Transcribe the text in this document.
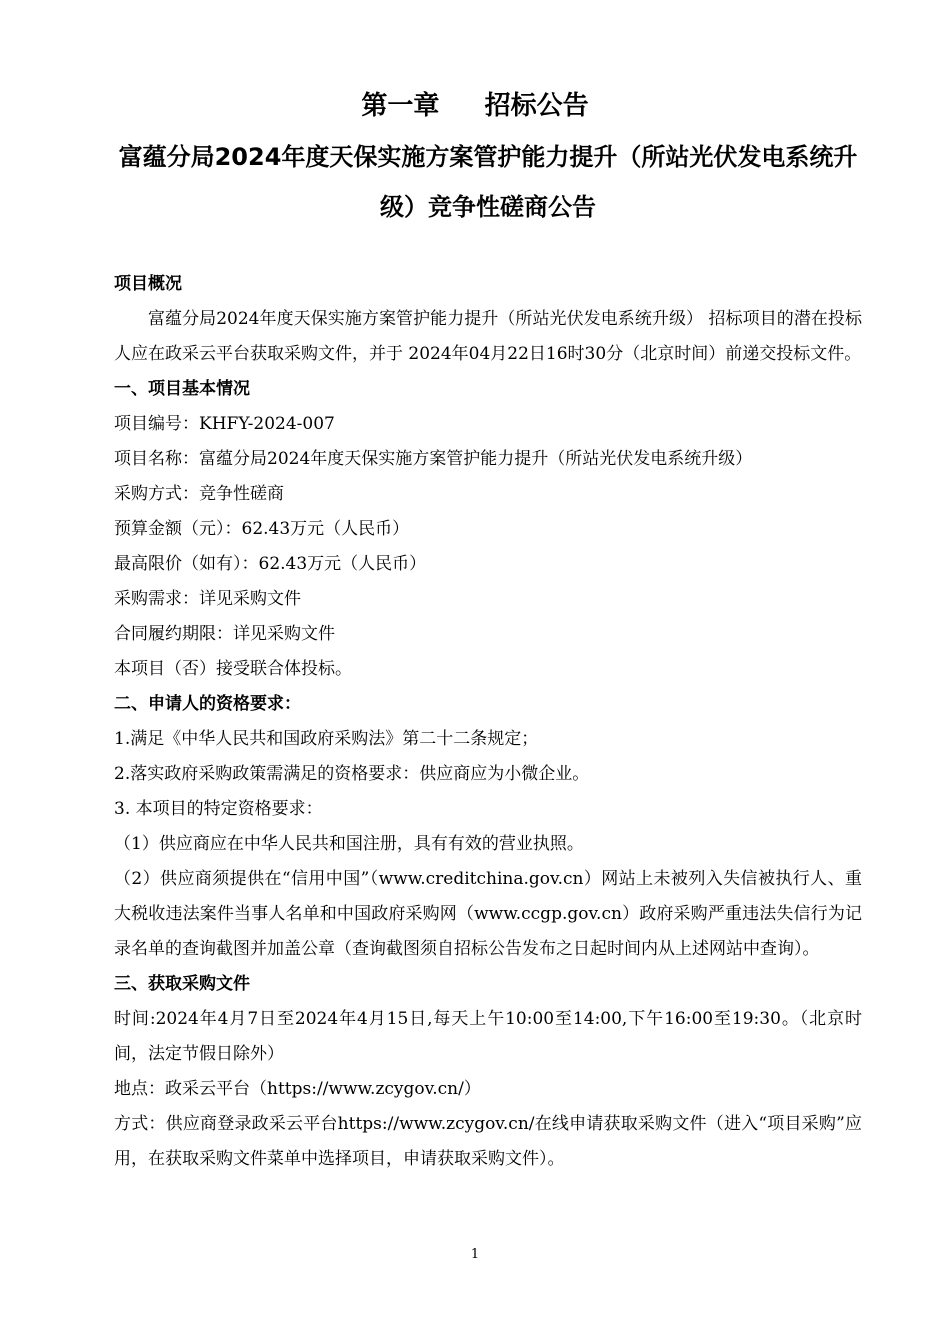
第一章     招标公告
富蕴分局2024年度天保实施方案管护能力提升（所站光伏发电系统升级）竞争性磋商公告

项目概况

富蕴分局2024年度天保实施方案管护能力提升（所站光伏发电系统升级） 招标项目的潜在投标人应在政采云平台获取采购文件，并于 2024年04月22日16时30分（北京时间）前递交投标文件。

一、项目基本情况

项目编号：KHFY-2024-007

项目名称：富蕴分局2024年度天保实施方案管护能力提升（所站光伏发电系统升级）

采购方式：竞争性磋商

预算金额（元）：62.43万元（人民币）

最高限价（如有）：62.43万元（人民币）

采购需求：详见采购文件

合同履约期限：详见采购文件

本项目（否）接受联合体投标。

二、申请人的资格要求：

1.满足《中华人民共和国政府采购法》第二十二条规定；

2.落实政府采购政策需满足的资格要求：供应商应为小微企业。

3. 本项目的特定资格要求：

（1）供应商应在中华人民共和国注册，具有有效的营业执照。

（2）供应商须提供在“信用中国”（www.creditchina.gov.cn）网站上未被列入失信被执行人、重大税收违法案件当事人名单和中国政府采购网（www.ccgp.gov.cn）政府采购严重违法失信行为记录名单的查询截图并加盖公章（查询截图须自招标公告发布之日起时间内从上述网站中查询）。

三、获取采购文件

时间:2024年4月7日至2024年4月15日,每天上午10:00至14:00,下午16:00至19:30。（北京时间，法定节假日除外）

地点：政采云平台（https://www.zcygov.cn/）

方式：供应商登录政采云平台https://www.zcygov.cn/在线申请获取采购文件（进入“项目采购”应用，在获取采购文件菜单中选择项目，申请获取采购文件）。

1
